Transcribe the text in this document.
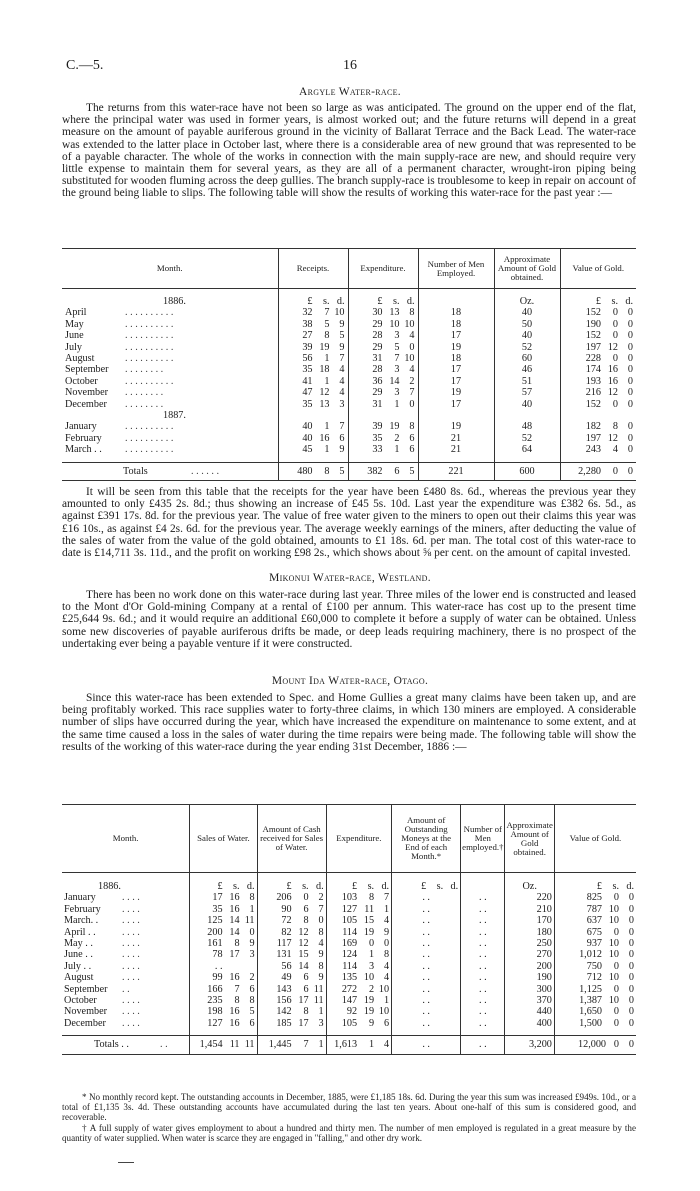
C.—5.	16
Argyle Water-race.

The returns from this water-race have not been so large as was anticipated. The ground on the upper end of the flat, where the principal water was used in former years, is almost worked out; and the future returns will depend in a great measure on the amount of payable auriferous ground in the vicinity of Ballarat Terrace and the Back Lead. The water-race was extended to the latter place in October last, where there is a considerable area of new ground that was represented to be of a payable character. The whole of the works in connection with the main supply-race are new, and should require very little expense to maintain them for several years, as they are all of a permanent character, wrought-iron piping being substituted for wooden fluming across the deep gullies. The branch supply-race is troublesome to keep in repair on account of the ground being liable to slips. The following table will show the results of working this water-race for the past year :—

Month.	Receipts.	Expenditure.	Number of Men Employed.	Approximate Amount of Gold obtained.	Value of Gold.

1886.	£ s. d.	£ s. d.		Oz.	£ s. d.

April . . . . . . . . . .	32 7 10	30 13 8	18	40	152 0 0

May . . . . . . . . . .	38 5 9	29 10 10	18	50	190 0 0

June . . . . . . . . . .	27 8 5	28 3 4	17	40	152 0 0

July . . . . . . . . . .	39 19 9	29 5 0	19	52	197 12 0

August . . . . . . . . . .	56 1 7	31 7 10	18	60	228 0 0

September . . . . . . . .	35 18 4	28 3 4	17	46	174 16 0

October . . . . . . . . . .	41 1 4	36 14 2	17	51	193 16 0

November . . . . . . . .	47 12 4	29 3 7	19	57	216 12 0

December . . . . . . . .	35 13 3	31 1 0	17	40	152 0 0

1887.					

January . . . . . . . . . .	40 1 7	39 19 8	19	48	182 8 0

February . . . . . . . . . .	40 16 6	35 2 6	21	52	197 12 0

March . . . . . . . . . . . .	45 1 9	33 1 6	21	64	243 4 0

Totals . . . . . .	480 8 5	382 6 5	221	600	2,280 0 0

It will be seen from this table that the receipts for the year have been £480 8s. 6d., whereas the previous year they amounted to only £435 2s. 8d.; thus showing an increase of £45 5s. 10d. Last year the expenditure was £382 6s. 5d., as against £391 17s. 8d. for the previous year. The value of free water given to the miners to open out their claims this year was £16 10s., as against £4 2s. 6d. for the previous year. The average weekly earnings of the miners, after deducting the value of the sales of water from the value of the gold obtained, amounts to £1 18s. 6d. per man. The total cost of this water-race to date is £14,711 3s. 11d., and the profit on working £98 2s., which shows about ⅝ per cent. on the amount of capital invested.

Mikonui Water-race, Westland.

There has been no work done on this water-race during last year. Three miles of the lower end is constructed and leased to the Mont d'Or Gold-mining Company at a rental of £100 per annum. This water-race has cost up to the present time £25,644 9s. 6d.; and it would require an additional £60,000 to complete it before a supply of water can be obtained. Unless some new discoveries of payable auriferous drifts be made, or deep leads requiring machinery, there is no prospect of the undertaking ever being a payable venture if it were constructed.

Mount Ida Water-race, Otago.

Since this water-race has been extended to Spec. and Home Gullies a great many claims have been taken up, and are being profitably worked. This race supplies water to forty-three claims, in which 130 miners are employed. A considerable number of slips have occurred during the year, which have increased the expenditure on maintenance to some extent, and at the same time caused a loss in the sales of water during the time repairs were being made. The following table will show the results of the working of this water-race during the year ending 31st December, 1886 :—

Month.	Sales of Water.	Amount of Cash received for Sales of Water.	Expenditure.	Amount of Outstanding Moneys at the End of each Month.*	Number of Men employed.†	Approximate Amount of Gold obtained.	Value of Gold.

1886.	£ s. d.	£ s. d.	£ s. d.	£ s. d.		Oz.	£ s. d.

January . . . .	17 16 8	206 0 2	103 8 7	. .	. .	220	825 0 0

February . . . .	35 16 1	90 6 7	127 11 1	. .	. .	210	787 10 0

March. . . . . .	125 14 11	72 8 0	105 15 4	. .	. .	170	637 10 0

April . . . . . .	200 14 0	82 12 8	114 19 9	. .	. .	180	675 0 0

May . . . . . .	161 8 9	117 12 4	169 0 0	. .	. .	250	937 10 0

June . . . . . .	78 17 3	131 15 9	124 1 8	. .	. .	270	1,012 10 0

July . . . . . .	. .	56 14 8	114 3 4	. .	. .	200	750 0 0

August . . . .	99 16 2	49 6 9	135 10 4	. .	. .	190	712 10 0

September . .	166 7 6	143 6 11	272 2 10	. .	. .	300	1,125 0 0

October . . . .	235 8 8	156 17 11	147 19 1	. .	. .	370	1,387 10 0

November . . . .	198 16 5	142 8 1	92 19 10	. .	. .	440	1,650 0 0

December . . . .	127 16 6	185 17 3	105 9 6	. .	. .	400	1,500 0 0

Totals . . . .	1,454 11 11	1,445 7 1	1,613 1 4	. .	. .	3,200	12,000 0 0

* No monthly record kept. The outstanding accounts in December, 1885, were £1,185 18s. 6d. During the year this sum was increased £949s. 10d., or a total of £1,135 3s. 4d. These outstanding accounts have accumulated during the last ten years. About one-half of this sum is considered good, and recoverable.

† A full supply of water gives employment to about a hundred and thirty men. The number of men employed is regulated in a great measure by the quantity of water supplied. When water is scarce they are engaged in "falling," and other dry work.
